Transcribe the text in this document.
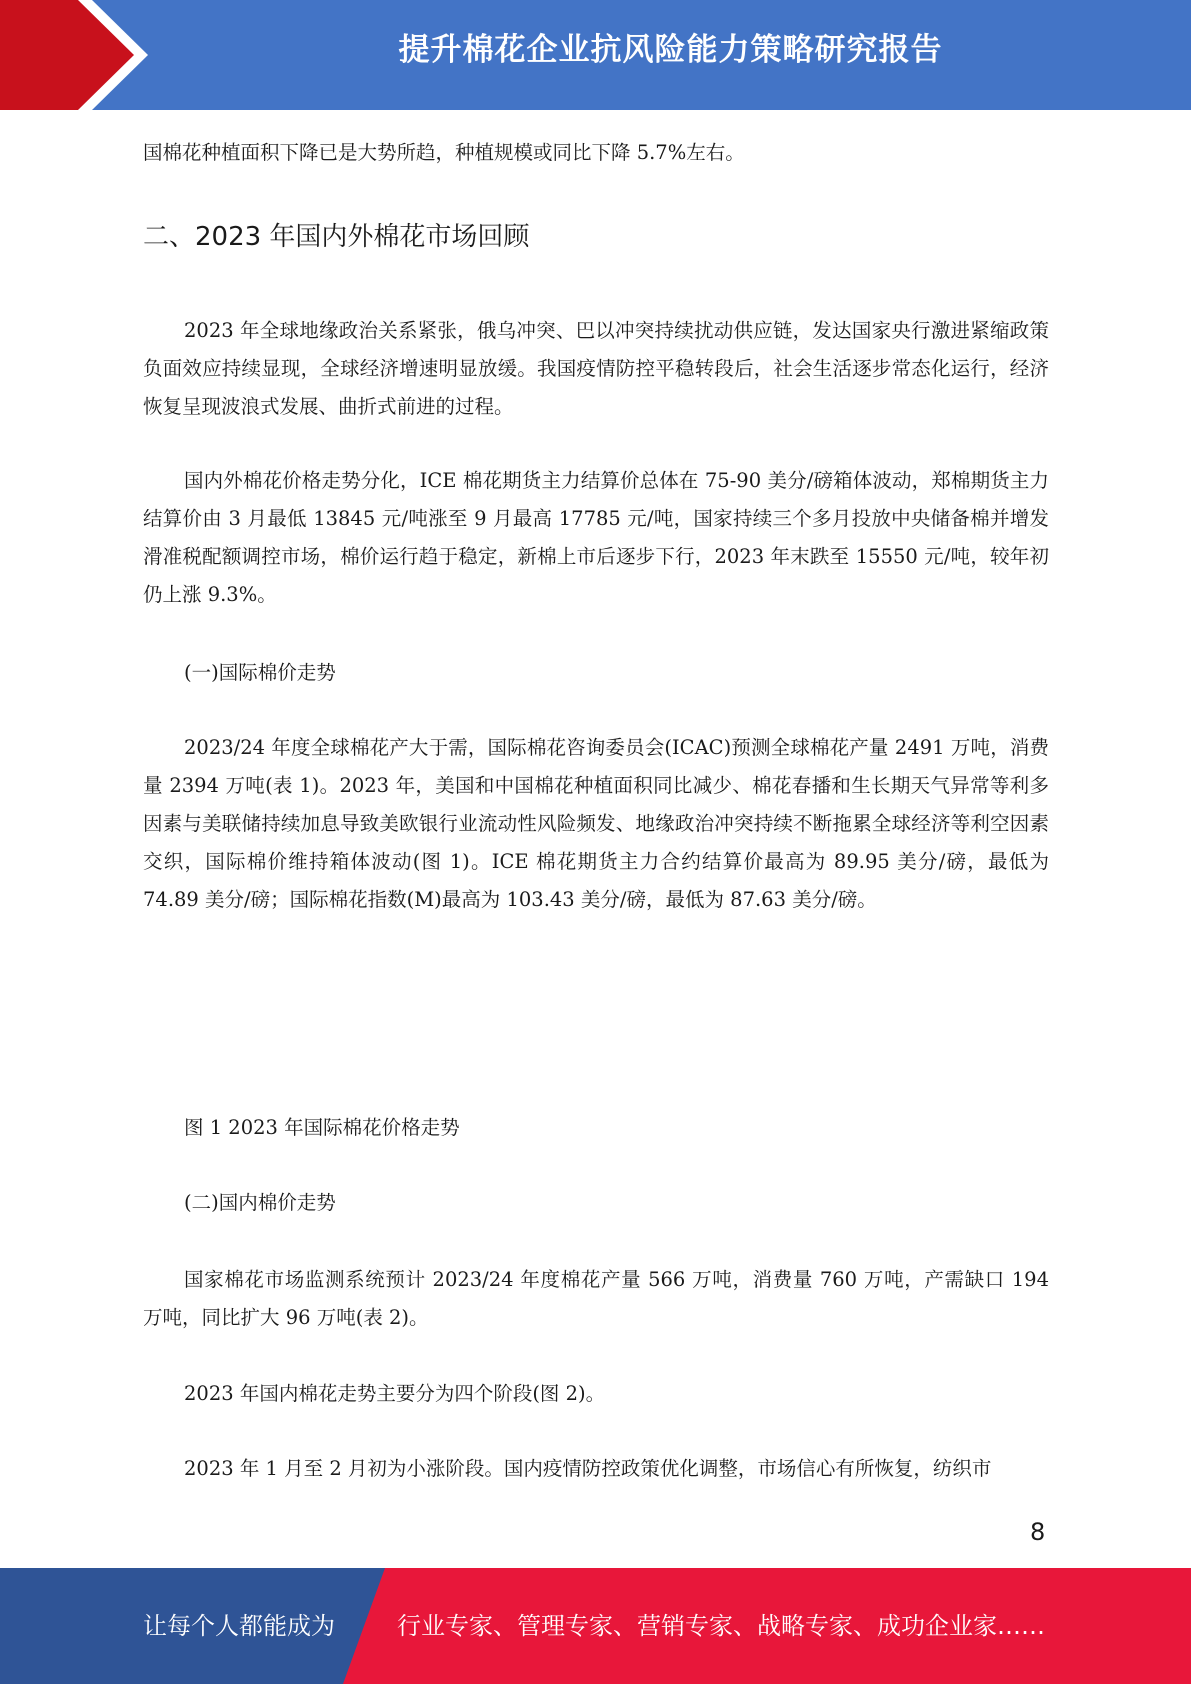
提升棉花企业抗风险能力策略研究报告
国棉花种植面积下降已是大势所趋，种植规模或同比下降 5.7%左右。
二、2023 年国内外棉花市场回顾
2023 年全球地缘政治关系紧张，俄乌冲突、巴以冲突持续扰动供应链，发达国家央行激进紧缩政策负面效应持续显现，全球经济增速明显放缓。我国疫情防控平稳转段后，社会生活逐步常态化运行，经济恢复呈现波浪式发展、曲折式前进的过程。
国内外棉花价格走势分化，ICE 棉花期货主力结算价总体在 75-90 美分/磅箱体波动，郑棉期货主力结算价由 3 月最低 13845 元/吨涨至 9 月最高 17785 元/吨，国家持续三个多月投放中央储备棉并增发滑准税配额调控市场，棉价运行趋于稳定，新棉上市后逐步下行，2023 年末跌至 15550 元/吨，较年初仍上涨 9.3%。
(一)国际棉价走势
2023/24 年度全球棉花产大于需，国际棉花咨询委员会(ICAC)预测全球棉花产量 2491 万吨，消费量 2394 万吨(表 1)。2023 年，美国和中国棉花种植面积同比减少、棉花春播和生长期天气异常等利多因素与美联储持续加息导致美欧银行业流动性风险频发、地缘政治冲突持续不断拖累全球经济等利空因素交织，国际棉价维持箱体波动(图 1)。ICE 棉花期货主力合约结算价最高为 89.95 美分/磅，最低为 74.89 美分/磅；国际棉花指数(M)最高为 103.43 美分/磅，最低为 87.63 美分/磅。
图 1 2023 年国际棉花价格走势
(二)国内棉价走势
国家棉花市场监测系统预计 2023/24 年度棉花产量 566 万吨，消费量 760 万吨，产需缺口 194 万吨，同比扩大 96 万吨(表 2)。
2023 年国内棉花走势主要分为四个阶段(图 2)。
2023 年 1 月至 2 月初为小涨阶段。国内疫情防控政策优化调整，市场信心有所恢复，纺织市
8
让每个人都能成为	行业专家、管理专家、营销专家、战略专家、成功企业家……
